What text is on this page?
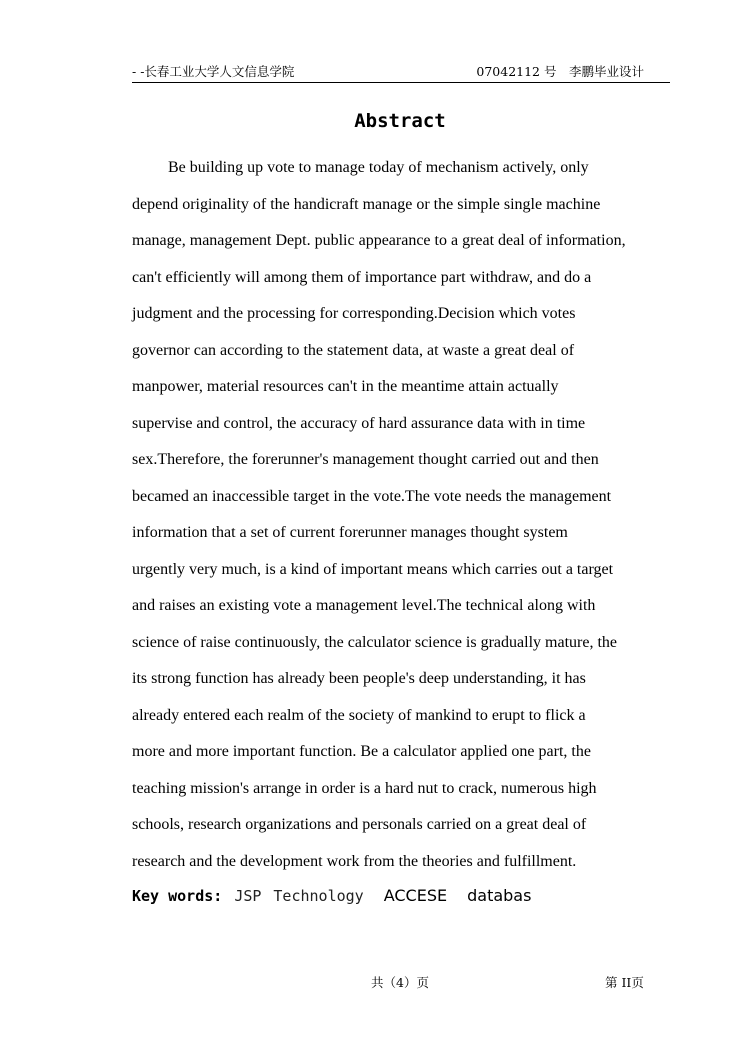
- -长春工业大学人文信息学院	07042112 号　李鹏毕业设计
Abstract
Be building up vote to manage today of mechanism actively, only
depend originality of the handicraft manage or the simple single machine
manage, management Dept. public appearance to a great deal of information,
can't efficiently will among them of importance part withdraw, and do a
judgment and the processing for corresponding.Decision which votes
governor can according to the statement data, at waste a great deal of
manpower, material resources can't in the meantime attain actually
supervise and control, the accuracy of hard assurance data with in time
sex.Therefore, the forerunner's management thought carried out and then
becamed an inaccessible target in the vote.The vote needs the management
information that a set of current forerunner manages thought system
urgently very much, is a kind of important means which carries out a target
and raises an existing vote a management level.The technical along with
science of raise continuously, the calculator science is gradually mature, the
its strong function has already been people's deep understanding, it has
already entered each realm of the society of mankind to erupt to flick a
more and more important function. Be a calculator applied one part, the
teaching mission's arrange in order is a hard nut to crack, numerous high
schools, research organizations and personals carried on a great deal of
research and the development work from the theories and fulfillment.
Key words: JSP Technology ACCESE databas
共（4）页	第 II页
